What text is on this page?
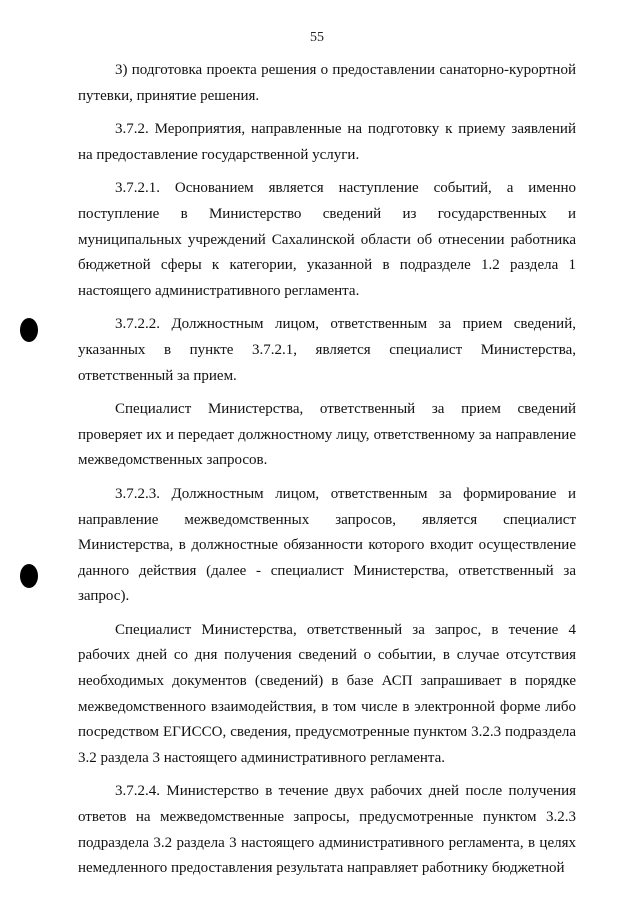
55

3) подготовка проекта решения о предоставлении санаторно-курортной путевки, принятие решения.

3.7.2. Мероприятия, направленные на подготовку к приему заявлений на предоставление государственной услуги.

3.7.2.1. Основанием является наступление событий, а именно поступление в Министерство сведений из государственных и муниципальных учреждений Сахалинской области об отнесении работника бюджетной сферы к категории, указанной в подразделе 1.2 раздела 1 настоящего административного регламента.

3.7.2.2. Должностным лицом, ответственным за прием сведений, указанных в пункте 3.7.2.1, является специалист Министерства, ответственный за прием.

Специалист Министерства, ответственный за прием сведений проверяет их и передает должностному лицу, ответственному за направление межведомственных запросов.

3.7.2.3. Должностным лицом, ответственным за формирование и направление межведомственных запросов, является специалист Министерства, в должностные обязанности которого входит осуществление данного действия (далее - специалист Министерства, ответственный за запрос).

Специалист Министерства, ответственный за запрос, в течение 4 рабочих дней со дня получения сведений о событии, в случае отсутствия необходимых документов (сведений) в базе АСП запрашивает в порядке межведомственного взаимодействия, в том числе в электронной форме либо посредством ЕГИССО, сведения, предусмотренные пунктом 3.2.3 подраздела 3.2 раздела 3 настоящего административного регламента.

3.7.2.4. Министерство в течение двух рабочих дней после получения ответов на межведомственные запросы, предусмотренные пунктом 3.2.3 подраздела 3.2 раздела 3 настоящего административного регламента, в целях немедленного предоставления результата направляет работнику бюджетной
